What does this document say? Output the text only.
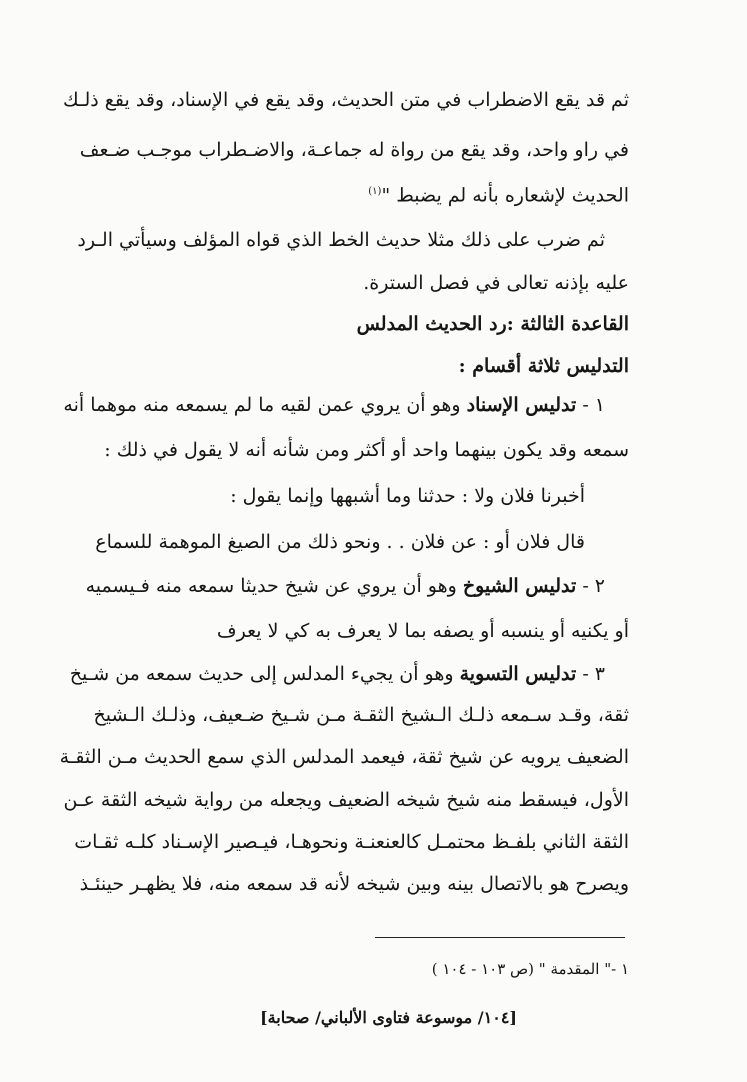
ثم قد يقع الاضطراب في متن الحديث، وقد يقع في الإسناد، وقد يقع ذلـك
في راو واحد، وقد يقع من رواة له جماعـة، والاضـطراب موجـب ضـعف
الحديث لإشعاره بأنه لم يضبط "$^{(١)}$
ثم ضرب على ذلك مثلا حديث الخط الذي قواه المؤلف وسيأتي الـرد
عليه بإذنه تعالى في فصل السترة.
القاعدة الثالثة :رد الحديث المدلس
التدليس ثلاثة أقسام :
١ - تدليس الإسناد وهو أن يروي عمن لقيه ما لم يسمعه منه موهما أنه
سمعه وقد يكون بينهما واحد أو أكثر ومن شأنه أنه لا يقول في ذلك :
أخبرنا فلان ولا : حدثنا وما أشبهها وإنما يقول :
قال فلان أو : عن فلان . . ونحو ذلك من الصيغ الموهمة للسماع
٢ - تدليس الشيوخ وهو أن يروي عن شيخ حديثا سمعه منه فـيسميه
أو يكنيه أو ينسبه أو يصفه بما لا يعرف به كي لا يعرف
٣ - تدليس التسوية وهو أن يجيء المدلس إلى حديث سمعه من شـيخ
ثقة، وقـد سـمعه ذلـك الـشيخ الثقـة مـن شـيخ ضـعيف، وذلـك الـشيخ
الضعيف يرويه عن شيخ ثقة، فيعمد المدلس الذي سمع الحديث مـن الثقـة
الأول، فيسقط منه شيخ شيخه الضعيف ويجعله من رواية شيخه الثقة عـن
الثقة الثاني بلفـظ محتمـل كالعنعنـة ونحوهـا، فيـصير الإسـناد كلـه ثقـات
ويصرح هو بالاتصال بينه وبين شيخه لأنه قد سمعه منه، فلا يظهـر حينئـذ
١ -" المقدمة " (ص ١٠٣ - ١٠٤ )
[١٠٤/ موسوعة فتاوى الألباني/ صحابة]
